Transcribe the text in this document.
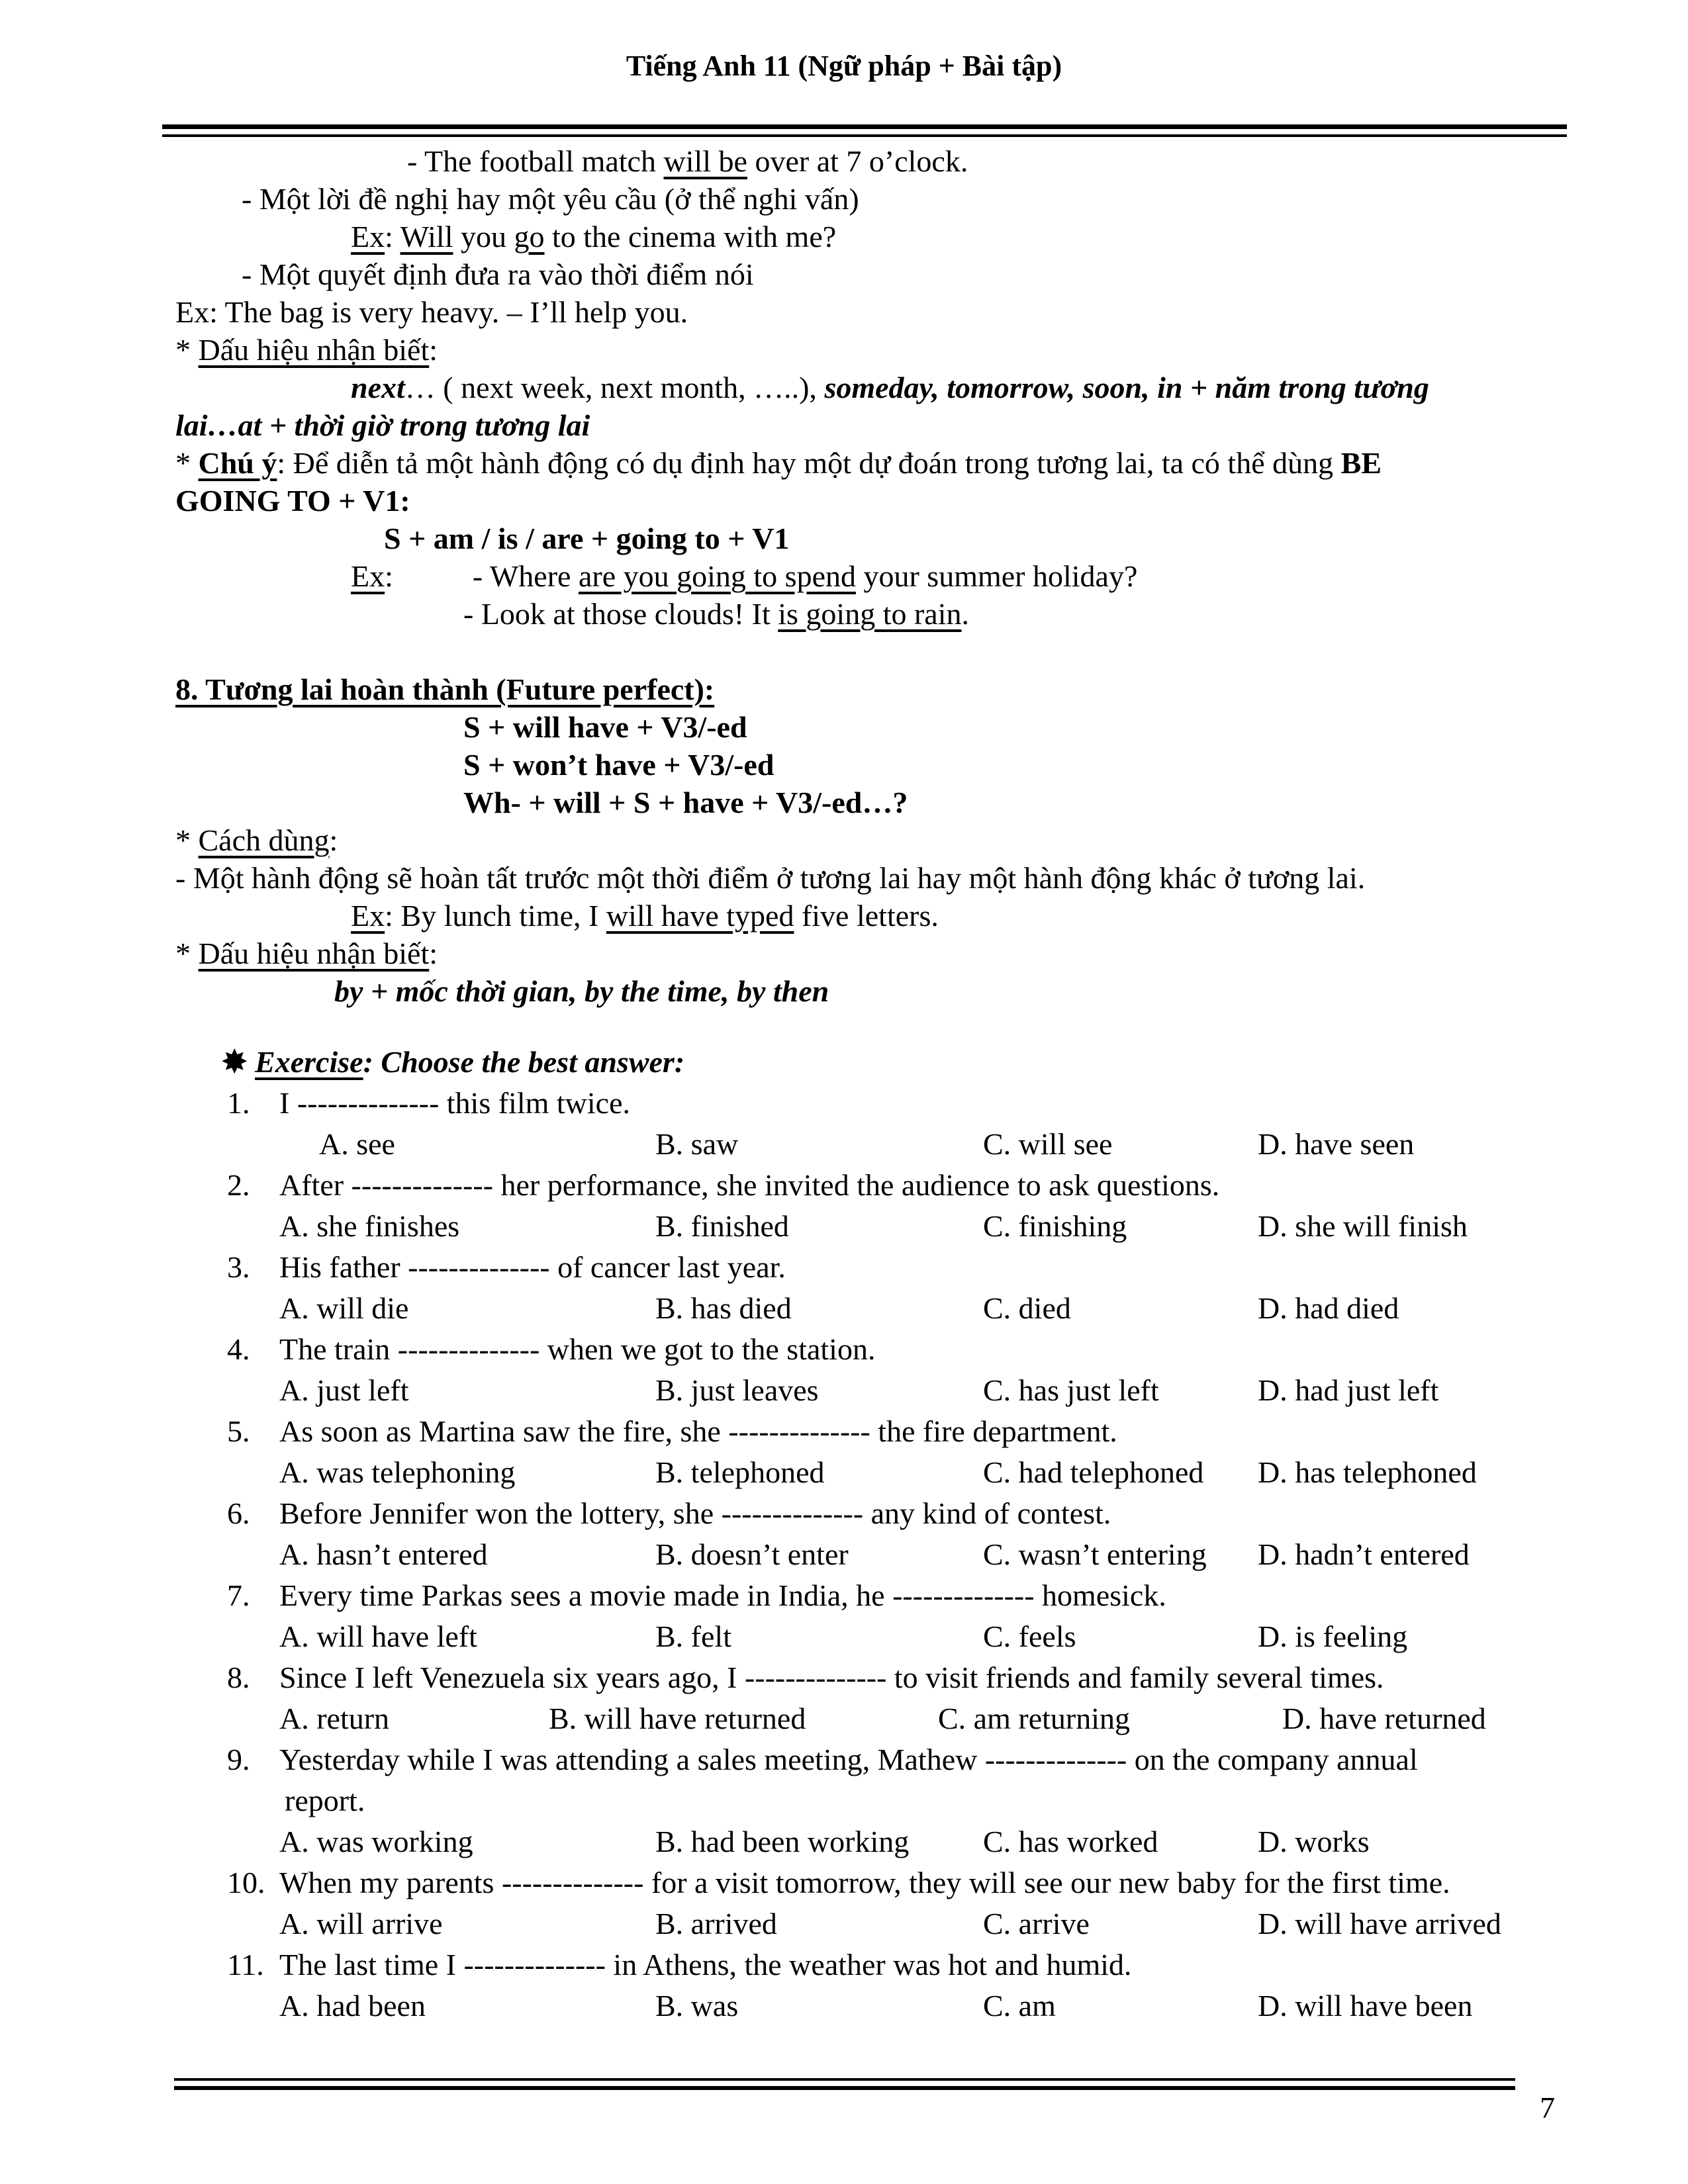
Tiếng Anh 11 (Ngữ pháp + Bài tập)
- The football match will be over at 7 o’clock.
- Một lời đề nghị hay một yêu cầu (ở thể nghi vấn)
Ex: Will you go to the cinema with me?
- Một quyết định đưa ra vào thời điểm nói
Ex: The bag is very heavy. – I’ll help you.
* Dấu hiệu nhận biết:
next… ( next week, next month, …..), someday, tomorrow, soon, in + năm trong tương
lai…at + thời giờ trong tương lai
* Chú ý: Để diễn tả một hành động có dụ định hay một dự đoán trong tương lai, ta có thể dùng BE
GOING TO + V1:
S + am / is / are + going to + V1
Ex:	- Where are you going to spend your summer holiday?
- Look at those clouds! It is going to rain.
8. Tương lai hoàn thành (Future perfect):
S + will have + V3/-ed
S + won’t have + V3/-ed
Wh- + will + S + have + V3/-ed…?
* Cách dùng:
- Một hành động sẽ hoàn tất trước một thời điểm ở tương lai hay một hành động khác ở tương lai.
Ex: By lunch time, I will have typed five letters.
* Dấu hiệu nhận biết:
by + mốc thời gian, by the time, by then
✸ Exercise: Choose the best answer:
1. I -------------- this film twice.
A. see	B. saw	C. will see	D. have seen
2. After -------------- her performance, she invited the audience to ask questions.
A. she finishes	B. finished	C. finishing	D. she will finish
3. His father -------------- of cancer last year.
A. will die	B. has died	C. died	D. had died
4. The train -------------- when we got to the station.
A. just left	B. just leaves	C. has just left	D. had just left
5. As soon as Martina saw the fire, she -------------- the fire department.
A. was telephoning	B. telephoned	C. had telephoned D. has telephoned
6. Before Jennifer won the lottery, she -------------- any kind of contest.
A. hasn’t entered	B. doesn’t enter	C. wasn’t entering D. hadn’t entered
7. Every time Parkas sees a movie made in India, he -------------- homesick.
A. will have left	B. felt	C. feels	D. is feeling
8. Since I left Venezuela six years ago, I -------------- to visit friends and family several times.
A. return	B. will have returned	C. am returning	D. have returned
9. Yesterday while I was attending a sales meeting, Mathew -------------- on the company annual
report.
A. was working	B. had been working C. has worked	D. works
10. When my parents -------------- for a visit tomorrow, they will see our new baby for the first time.
A. will arrive	B. arrived	C. arrive	D. will have arrived
11. The last time I -------------- in Athens, the weather was hot and humid.
A. had been	B. was	C. am	D. will have been
7
